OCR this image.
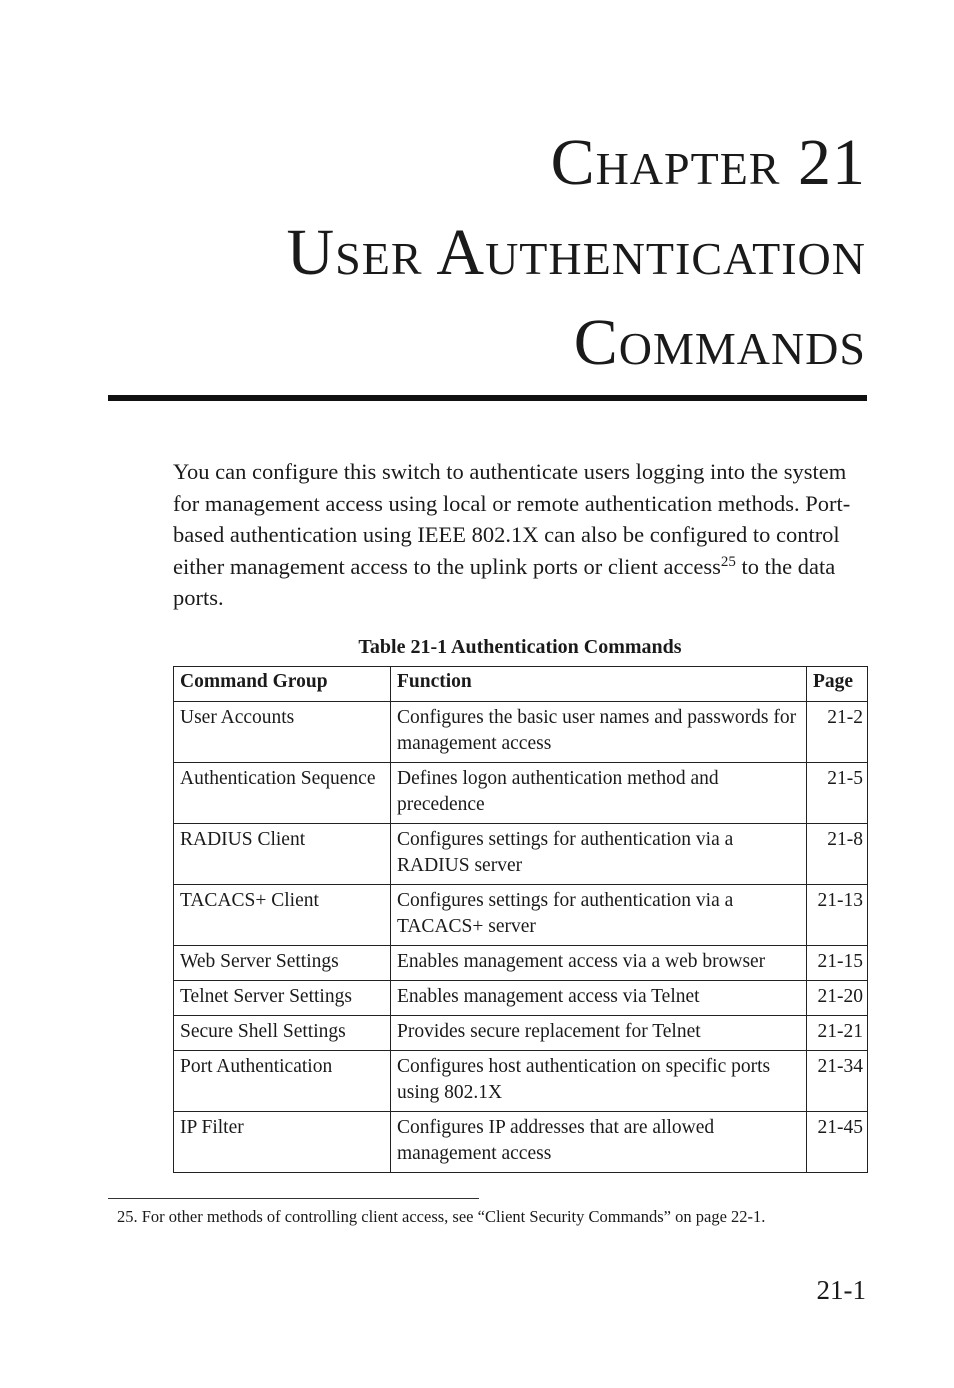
Chapter 21
User Authentication
Commands

You can configure this switch to authenticate users logging into the system for management access using local or remote authentication methods. Port-based authentication using IEEE 802.1X can also be configured to control either management access to the uplink ports or client access$^{25}$ to the data ports.

Table 21-1 Authentication Commands

Command Group	Function	Page
User Accounts	Configures the basic user names and passwords for management access	21-2
Authentication Sequence	Defines logon authentication method and precedence	21-5
RADIUS Client	Configures settings for authentication via a RADIUS server	21-8
TACACS+ Client	Configures settings for authentication via a TACACS+ server	21-13
Web Server Settings	Enables management access via a web browser	21-15
Telnet Server Settings	Enables management access via Telnet	21-20
Secure Shell Settings	Provides secure replacement for Telnet	21-21
Port Authentication	Configures host authentication on specific ports using 802.1X	21-34
IP Filter	Configures IP addresses that are allowed management access	21-45

25. For other methods of controlling client access, see “Client Security Commands” on page 22-1.

21-1
